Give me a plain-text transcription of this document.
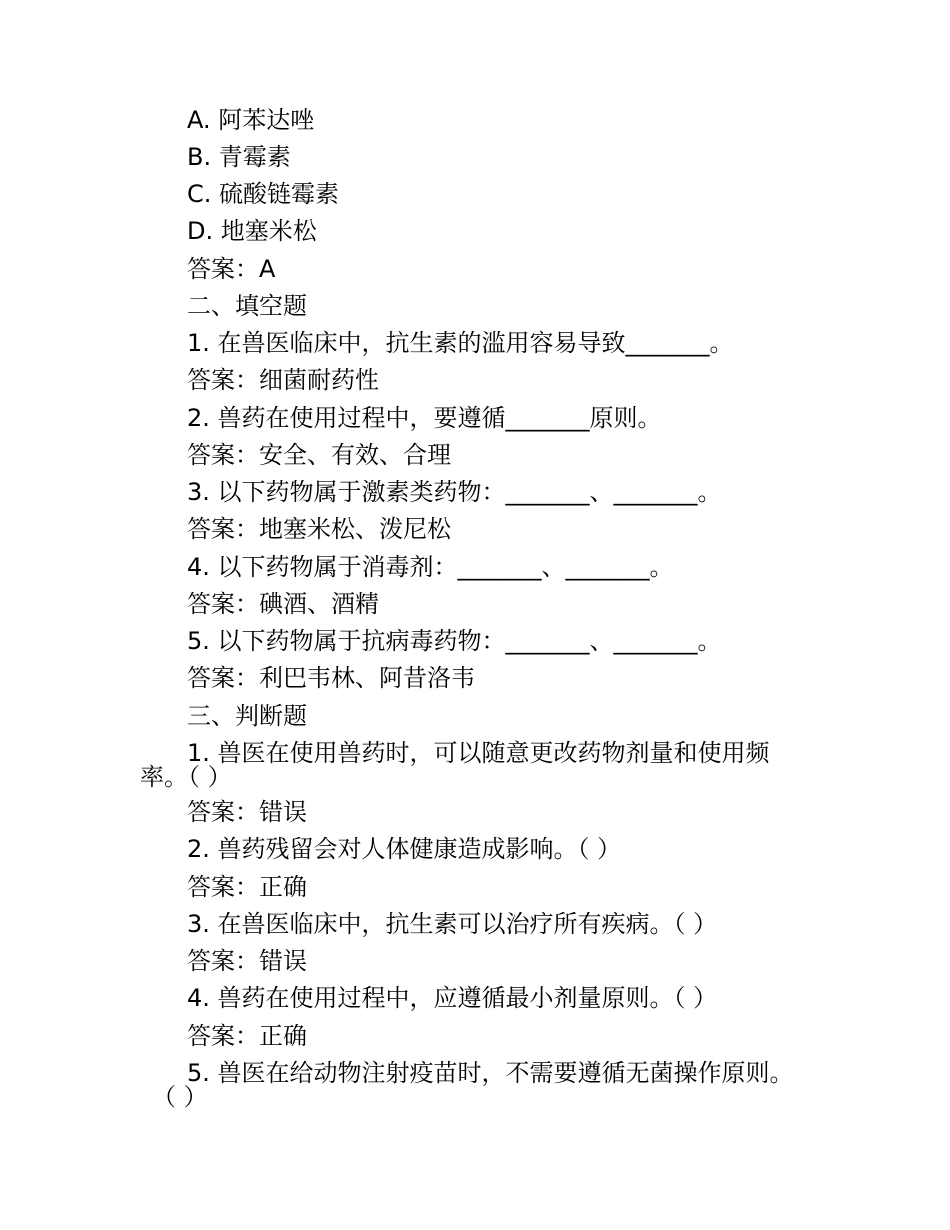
A. 阿苯达唑
B. 青霉素
C. 硫酸链霉素
D. 地塞米松
答案：A
二、填空题
1. 在兽医临床中，抗生素的滥用容易导致_______。
答案：细菌耐药性
2. 兽药在使用过程中，要遵循_______原则。
答案：安全、有效、合理
3. 以下药物属于激素类药物：_______、_______。
答案：地塞米松、泼尼松
4. 以下药物属于消毒剂：_______、_______。
答案：碘酒、酒精
5. 以下药物属于抗病毒药物：_______、_______。
答案：利巴韦林、阿昔洛韦
三、判断题
1. 兽医在使用兽药时，可以随意更改药物剂量和使用频
率。（ ）
答案：错误
2. 兽药残留会对人体健康造成影响。（ ）
答案：正确
3. 在兽医临床中，抗生素可以治疗所有疾病。（ ）
答案：错误
4. 兽药在使用过程中，应遵循最小剂量原则。（ ）
答案：正确
5. 兽医在给动物注射疫苗时，不需要遵循无菌操作原则。
（ ）
